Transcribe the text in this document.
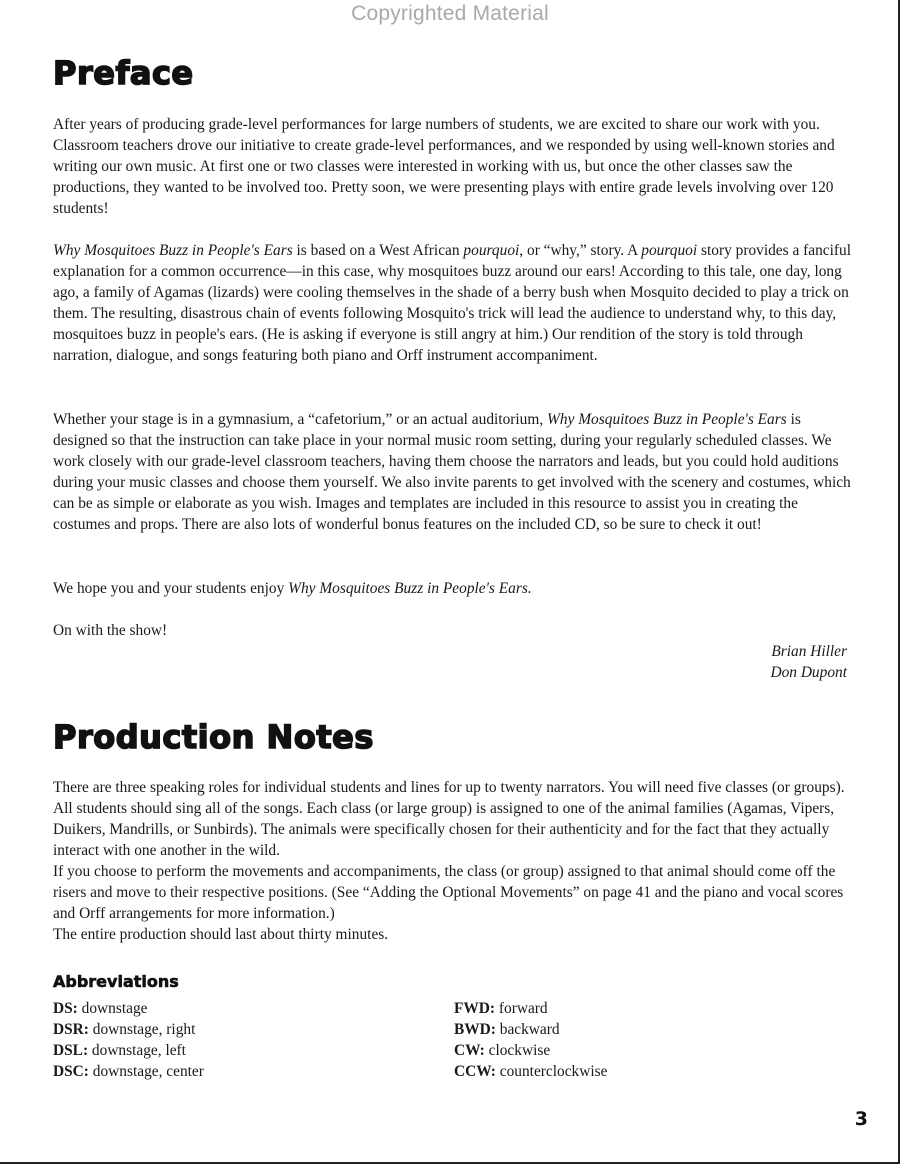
Copyrighted Material
Preface

After years of producing grade-level performances for large numbers of students, we are excited to share our work with you. Classroom teachers drove our initiative to create grade-level performances, and we responded by using well-known stories and writing our own music. At first one or two classes were interested in working with us, but once the other classes saw the productions, they wanted to be involved too. Pretty soon, we were presenting plays with entire grade levels involving over 120 students!

Why Mosquitoes Buzz in People's Ears is based on a West African pourquoi, or “why,” story. A pourquoi story provides a fanciful explanation for a common occurrence—in this case, why mosquitoes buzz around our ears! According to this tale, one day, long ago, a family of Agamas (lizards) were cooling themselves in the shade of a berry bush when Mosquito decided to play a trick on them. The resulting, disastrous chain of events following Mosquito's trick will lead the audience to understand why, to this day, mosquitoes buzz in people's ears. (He is asking if everyone is still angry at him.) Our rendition of the story is told through narration, dialogue, and songs featuring both piano and Orff instrument accompaniment.

Whether your stage is in a gymnasium, a “cafetorium,” or an actual auditorium, Why Mosquitoes Buzz in People's Ears is designed so that the instruction can take place in your normal music room setting, during your regularly scheduled classes. We work closely with our grade-level classroom teachers, having them choose the narrators and leads, but you could hold auditions during your music classes and choose them yourself. We also invite parents to get involved with the scenery and costumes, which can be as simple or elaborate as you wish. Images and templates are included in this resource to assist you in creating the costumes and props. There are also lots of wonderful bonus features on the included CD, so be sure to check it out!

We hope you and your students enjoy Why Mosquitoes Buzz in People's Ears.

On with the show!

Brian Hiller
Don Dupont
Production Notes
There are three speaking roles for individual students and lines for up to twenty narrators. You will need five classes (or groups). All students should sing all of the songs. Each class (or large group) is assigned to one of the animal families (Agamas, Vipers, Duikers, Mandrills, or Sunbirds). The animals were specifically chosen for their authenticity and for the fact that they actually interact with one another in the wild.
If you choose to perform the movements and accompaniments, the class (or group) assigned to that animal should come off the risers and move to their respective positions. (See “Adding the Optional Movements” on page 41 and the piano and vocal scores and Orff arrangements for more information.)
The entire production should last about thirty minutes.
Abbreviations
DS: downstage
DSR: downstage, right
DSL: downstage, left
DSC: downstage, center
FWD: forward
BWD: backward
CW: clockwise
CCW: counterclockwise
3
